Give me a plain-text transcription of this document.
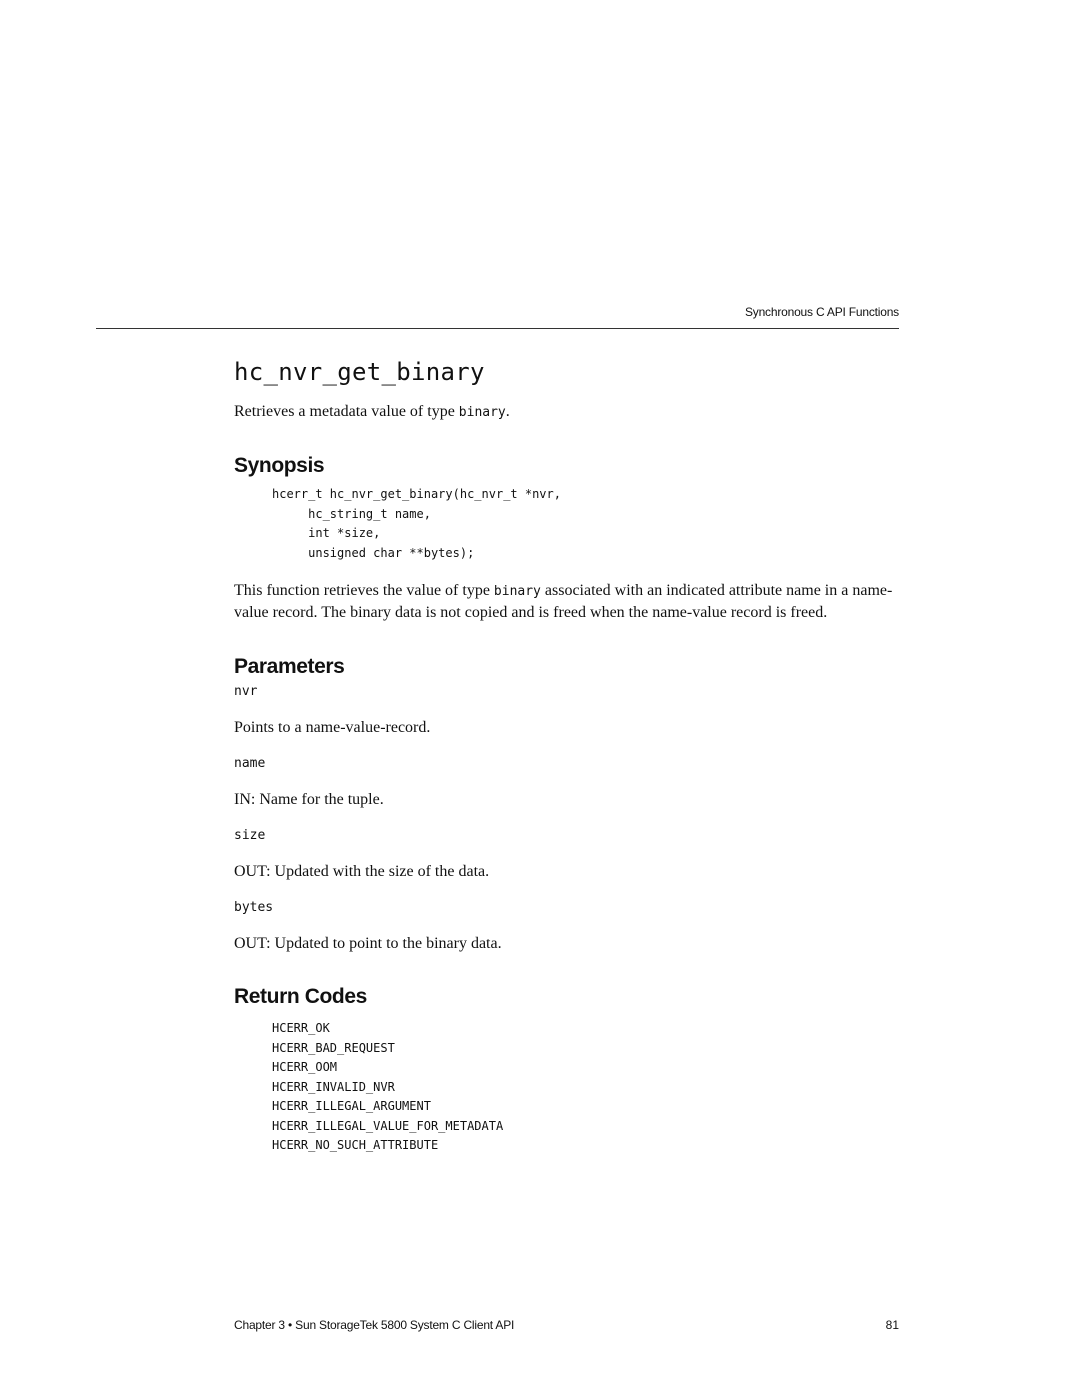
Synchronous C API Functions
hc_nvr_get_binary

Retrieves a metadata value of type binary.

Synopsis
hcerr_t hc_nvr_get_binary(hc_nvr_t *nvr,
hc_string_t name,
int *size,
unsigned char **bytes);

This function retrieves the value of type binary associated with an indicated attribute name in a name-value record. The binary data is not copied and is freed when the name-value record is freed.

Parameters
nvr

Points to a name-value-record.

name

IN: Name for the tuple.

size

OUT: Updated with the size of the data.

bytes

OUT: Updated to point to the binary data.

Return Codes
HCERR_OK
HCERR_BAD_REQUEST
HCERR_OOM
HCERR_INVALID_NVR
HCERR_ILLEGAL_ARGUMENT
HCERR_ILLEGAL_VALUE_FOR_METADATA
HCERR_NO_SUCH_ATTRIBUTE
Chapter 3 • Sun StorageTek 5800 System C Client API	81
